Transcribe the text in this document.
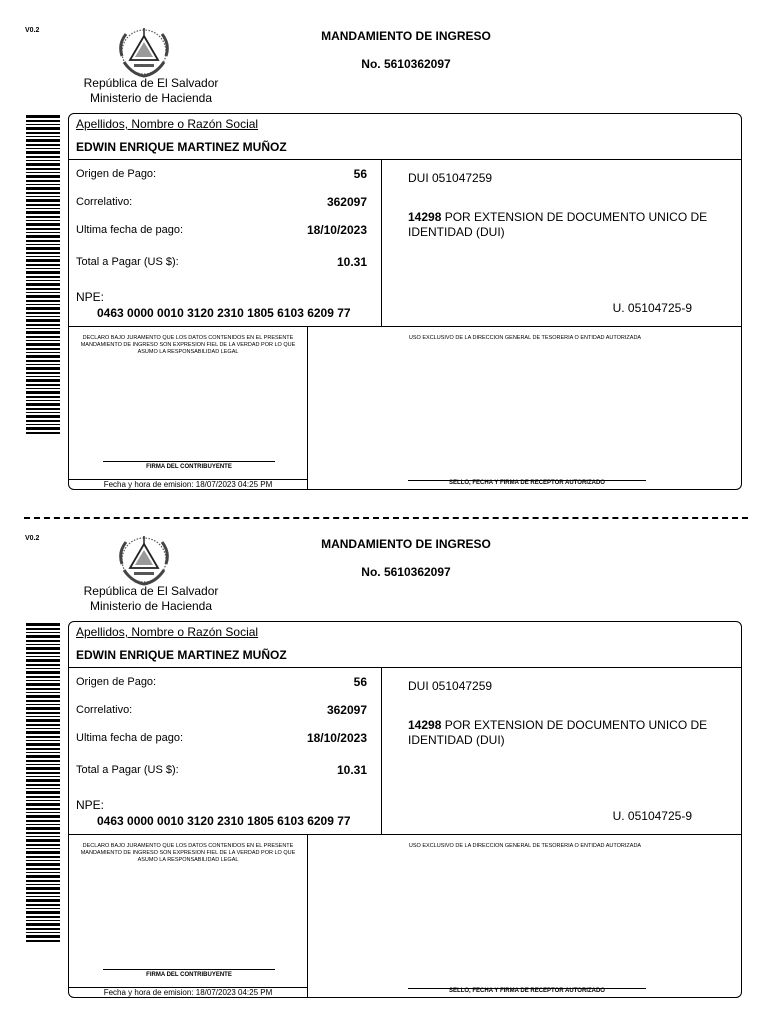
V0.2
República de El Salvador
Ministerio de Hacienda
MANDAMIENTO DE INGRESO
No. 5610362097
Apellidos, Nombre o Razón Social
EDWIN ENRIQUE MARTINEZ MUÑOZ
Origen de Pago:	56
Correlativo:	362097
Ultima fecha de pago:	18/10/2023
Total a Pagar (US $):	10.31
NPE:
0463 0000 0010 3120 2310 1805 6103 6209 77
DUI 051047259
14298 POR EXTENSION DE DOCUMENTO UNICO DE IDENTIDAD (DUI)
U. 05104725-9
DECLARO BAJO JURAMENTO QUE LOS DATOS CONTENIDOS EN EL PRESENTE MANDAMIENTO DE INGRESO SON EXPRESION FIEL DE LA VERDAD POR LO QUE ASUMO LA RESPONSABILIDAD LEGAL
USO EXCLUSIVO DE LA DIRECCION GENERAL DE TESORERIA O ENTIDAD AUTORIZADA
FIRMA DEL CONTRIBUYENTE
Fecha y hora de emision: 18/07/2023 04:25 PM	SELLO, FECHA Y FIRMA DE RECEPTOR AUTORIZADO
V0.2
República de El Salvador
Ministerio de Hacienda
MANDAMIENTO DE INGRESO
No. 5610362097
Apellidos, Nombre o Razón Social
EDWIN ENRIQUE MARTINEZ MUÑOZ
Origen de Pago:	56
Correlativo:	362097
Ultima fecha de pago:	18/10/2023
Total a Pagar (US $):	10.31
NPE:
0463 0000 0010 3120 2310 1805 6103 6209 77
DUI 051047259
14298 POR EXTENSION DE DOCUMENTO UNICO DE IDENTIDAD (DUI)
U. 05104725-9
DECLARO BAJO JURAMENTO QUE LOS DATOS CONTENIDOS EN EL PRESENTE MANDAMIENTO DE INGRESO SON EXPRESION FIEL DE LA VERDAD POR LO QUE ASUMO LA RESPONSABILIDAD LEGAL
USO EXCLUSIVO DE LA DIRECCION GENERAL DE TESORERIA O ENTIDAD AUTORIZADA
FIRMA DEL CONTRIBUYENTE
Fecha y hora de emision: 18/07/2023 04:25 PM	SELLO, FECHA Y FIRMA DE RECEPTOR AUTORIZADO
